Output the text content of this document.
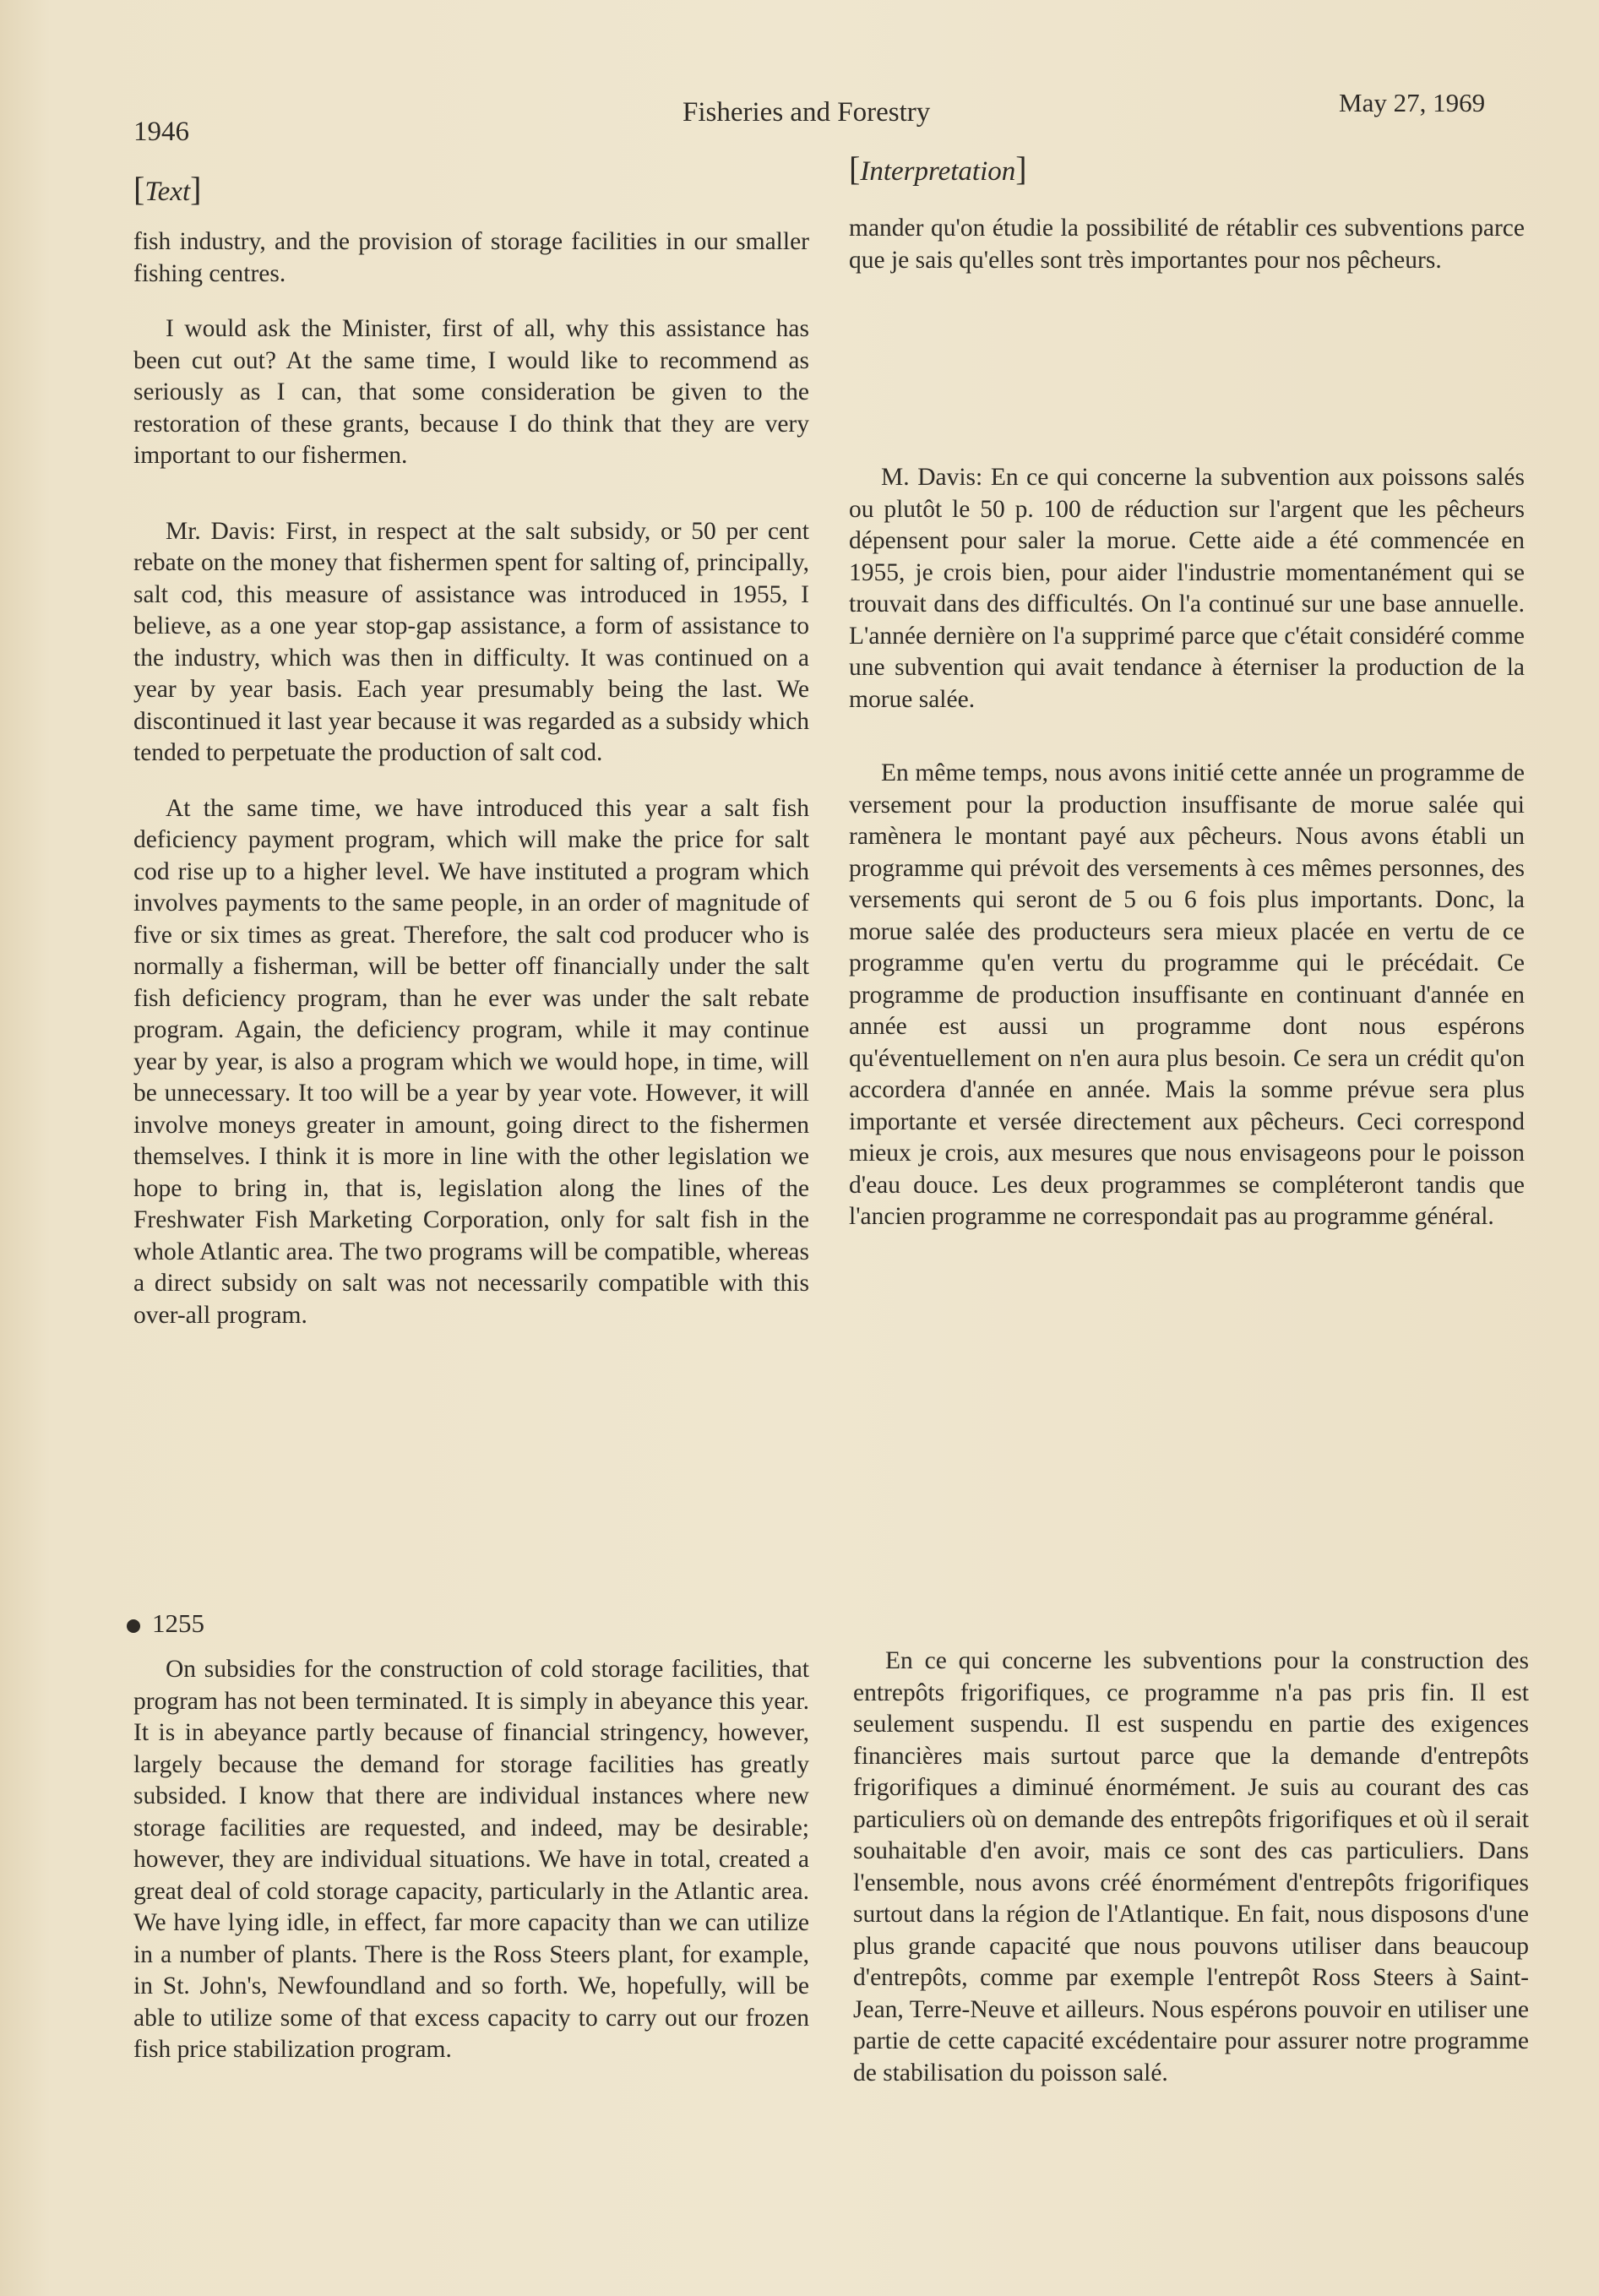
1946
Fisheries and Forestry	May 27, 1969
[Text]
[Interpretation]

fish industry, and the provision of storage facilities in our smaller fishing centres.

I would ask the Minister, first of all, why this assistance has been cut out? At the same time, I would like to recommend as seriously as I can, that some consideration be given to the restoration of these grants, because I do think that they are very important to our fishermen.

Mr. Davis: First, in respect at the salt subsidy, or 50 per cent rebate on the money that fishermen spent for salting of, principally, salt cod, this measure of assistance was introduced in 1955, I believe, as a one year stop-gap assistance, a form of assistance to the industry, which was then in difficulty. It was continued on a year by year basis. Each year presumably being the last. We discontinued it last year because it was regarded as a subsidy which tended to perpetuate the production of salt cod.

At the same time, we have introduced this year a salt fish deficiency payment program, which will make the price for salt cod rise up to a higher level. We have instituted a program which involves payments to the same people, in an order of magnitude of five or six times as great. Therefore, the salt cod producer who is normally a fisherman, will be better off financially under the salt fish deficiency program, than he ever was under the salt rebate program. Again, the deficiency program, while it may continue year by year, is also a program which we would hope, in time, will be unnecessary. It too will be a year by year vote. However, it will involve moneys greater in amount, going direct to the fishermen themselves. I think it is more in line with the other legislation we hope to bring in, that is, legislation along the lines of the Freshwater Fish Marketing Corporation, only for salt fish in the whole Atlantic area. The two programs will be compatible, whereas a direct subsidy on salt was not necessarily compatible with this over-all program.

mander qu'on étudie la possibilité de rétablir ces subventions parce que je sais qu'elles sont très importantes pour nos pêcheurs.

M. Davis: En ce qui concerne la subvention aux poissons salés ou plutôt le 50 p. 100 de réduction sur l'argent que les pêcheurs dépensent pour saler la morue. Cette aide a été commencée en 1955, je crois bien, pour aider l'industrie momentanément qui se trouvait dans des difficultés. On l'a continué sur une base annuelle. L'année dernière on l'a supprimé parce que c'était considéré comme une subvention qui avait tendance à éterniser la production de la morue salée.

En même temps, nous avons initié cette année un programme de versement pour la production insuffisante de morue salée qui ramènera le montant payé aux pêcheurs. Nous avons établi un programme qui prévoit des versements à ces mêmes personnes, des versements qui seront de 5 ou 6 fois plus importants. Donc, la morue salée des producteurs sera mieux placée en vertu de ce programme qu'en vertu du programme qui le précédait. Ce programme de production insuffisante en continuant d'année en année est aussi un programme dont nous espérons qu'éventuellement on n'en aura plus besoin. Ce sera un crédit qu'on accordera d'année en année. Mais la somme prévue sera plus importante et versée directement aux pêcheurs. Ceci correspond mieux je crois, aux mesures que nous envisageons pour le poisson d'eau douce. Les deux programmes se compléteront tandis que l'ancien programme ne correspondait pas au programme général.

1255

On subsidies for the construction of cold storage facilities, that program has not been terminated. It is simply in abeyance this year. It is in abeyance partly because of financial stringency, however, largely because the demand for storage facilities has greatly subsided. I know that there are individual instances where new storage facilities are requested, and indeed, may be desirable; however, they are individual situations. We have in total, created a great deal of cold storage capacity, particularly in the Atlantic area. We have lying idle, in effect, far more capacity than we can utilize in a number of plants. There is the Ross Steers plant, for example, in St. John's, Newfoundland and so forth. We, hopefully, will be able to utilize some of that excess capacity to carry out our frozen fish price stabilization program.

En ce qui concerne les subventions pour la construction des entrepôts frigorifiques, ce programme n'a pas pris fin. Il est seulement suspendu. Il est suspendu en partie des exigences financières mais surtout parce que la demande d'entrepôts frigorifiques a diminué énormément. Je suis au courant des cas particuliers où on demande des entrepôts frigorifiques et où il serait souhaitable d'en avoir, mais ce sont des cas particuliers. Dans l'ensemble, nous avons créé énormément d'entrepôts frigorifiques surtout dans la région de l'Atlantique. En fait, nous disposons d'une plus grande capacité que nous pouvons utiliser dans beaucoup d'entrepôts, comme par exemple l'entrepôt Ross Steers à Saint-Jean, Terre-Neuve et ailleurs. Nous espérons pouvoir en utiliser une partie de cette capacité excédentaire pour assurer notre programme de stabilisation du poisson salé.
